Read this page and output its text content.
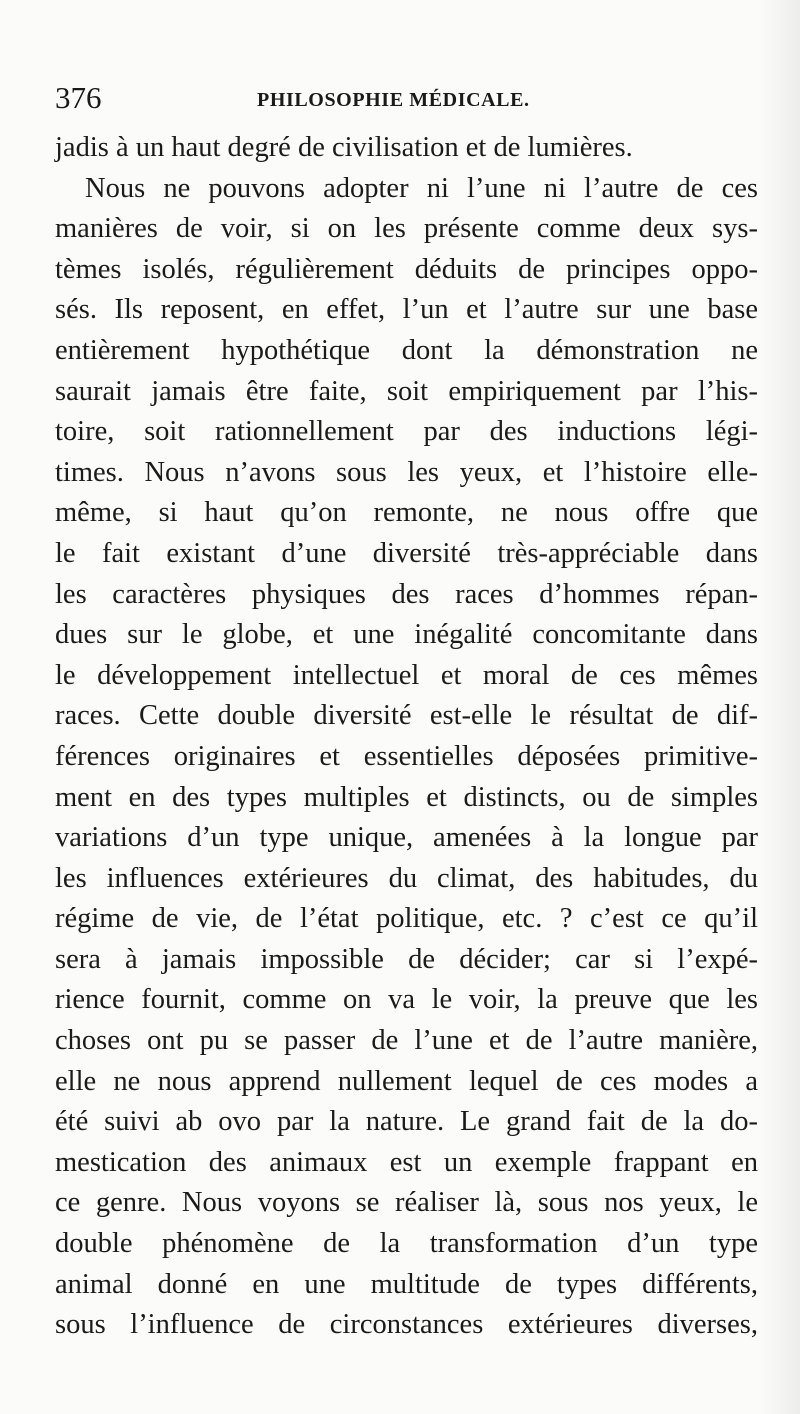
376	PHILOSOPHIE MÉDICALE.
jadis à un haut degré de civilisation et de lumières.
Nous ne pouvons adopter ni l’une ni l’autre de ces
manières de voir, si on les présente comme deux sys-
tèmes isolés, régulièrement déduits de principes oppo-
sés. Ils reposent, en effet, l’un et l’autre sur une base
entièrement hypothétique dont la démonstration ne
saurait jamais être faite, soit empiriquement par l’his-
toire, soit rationnellement par des inductions légi-
times. Nous n’avons sous les yeux, et l’histoire elle-
même, si haut qu’on remonte, ne nous offre que
le fait existant d’une diversité très-appréciable dans
les caractères physiques des races d’hommes répan-
dues sur le globe, et une inégalité concomitante dans
le développement intellectuel et moral de ces mêmes
races. Cette double diversité est-elle le résultat de dif-
férences originaires et essentielles déposées primitive-
ment en des types multiples et distincts, ou de simples
variations d’un type unique, amenées à la longue par
les influences extérieures du climat, des habitudes, du
régime de vie, de l’état politique, etc. ? c’est ce qu’il
sera à jamais impossible de décider; car si l’expé-
rience fournit, comme on va le voir, la preuve que les
choses ont pu se passer de l’une et de l’autre manière,
elle ne nous apprend nullement lequel de ces modes a
été suivi ab ovo par la nature. Le grand fait de la do-
mestication des animaux est un exemple frappant en
ce genre. Nous voyons se réaliser là, sous nos yeux, le
double phénomène de la transformation d’un type
animal donné en une multitude de types différents,
sous l’influence de circonstances extérieures diverses,
